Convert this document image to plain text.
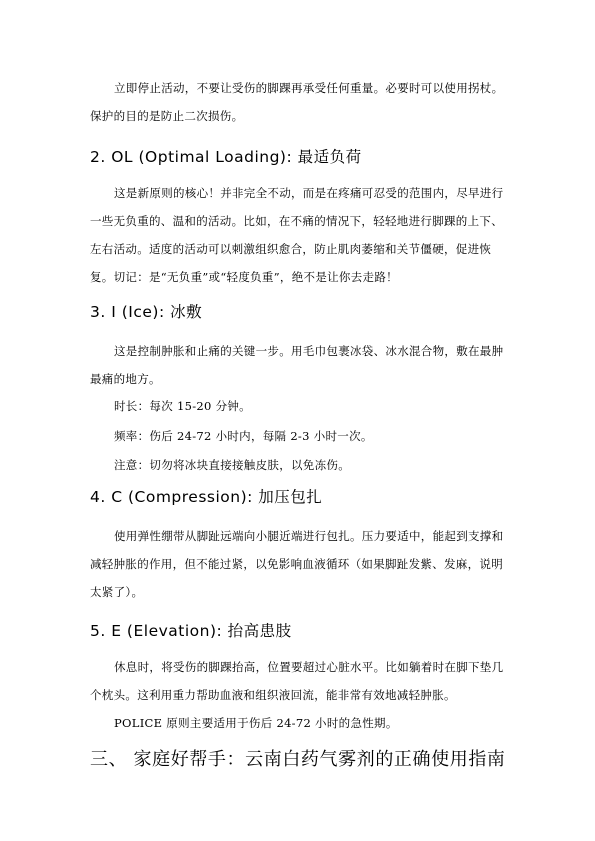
立即停止活动，不要让受伤的脚踝再承受任何重量。必要时可以使用拐杖。保护的目的是防止二次损伤。

2. OL (Optimal Loading): 最适负荷

这是新原则的核心！并非完全不动，而是在疼痛可忍受的范围内，尽早进行一些无负重的、温和的活动。比如，在不痛的情况下，轻轻地进行脚踝的上下、左右活动。适度的活动可以刺激组织愈合，防止肌肉萎缩和关节僵硬，促进恢复。切记：是“无负重”或“轻度负重”，绝不是让你去走路！

3. I (Ice): 冰敷

这是控制肿胀和止痛的关键一步。用毛巾包裹冰袋、冰水混合物，敷在最肿最痛的地方。

时长：每次 15-20 分钟。

频率：伤后 24-72 小时内，每隔 2-3 小时一次。

注意：切勿将冰块直接接触皮肤，以免冻伤。

4. C (Compression): 加压包扎

使用弹性绷带从脚趾远端向小腿近端进行包扎。压力要适中，能起到支撑和减轻肿胀的作用，但不能过紧，以免影响血液循环（如果脚趾发紫、发麻，说明太紧了）。

5. E (Elevation): 抬高患肢

休息时，将受伤的脚踝抬高，位置要超过心脏水平。比如躺着时在脚下垫几个枕头。这利用重力帮助血液和组织液回流，能非常有效地减轻肿胀。

POLICE 原则主要适用于伤后 24-72 小时的急性期。

三、 家庭好帮手：云南白药气雾剂的正确使用指南
